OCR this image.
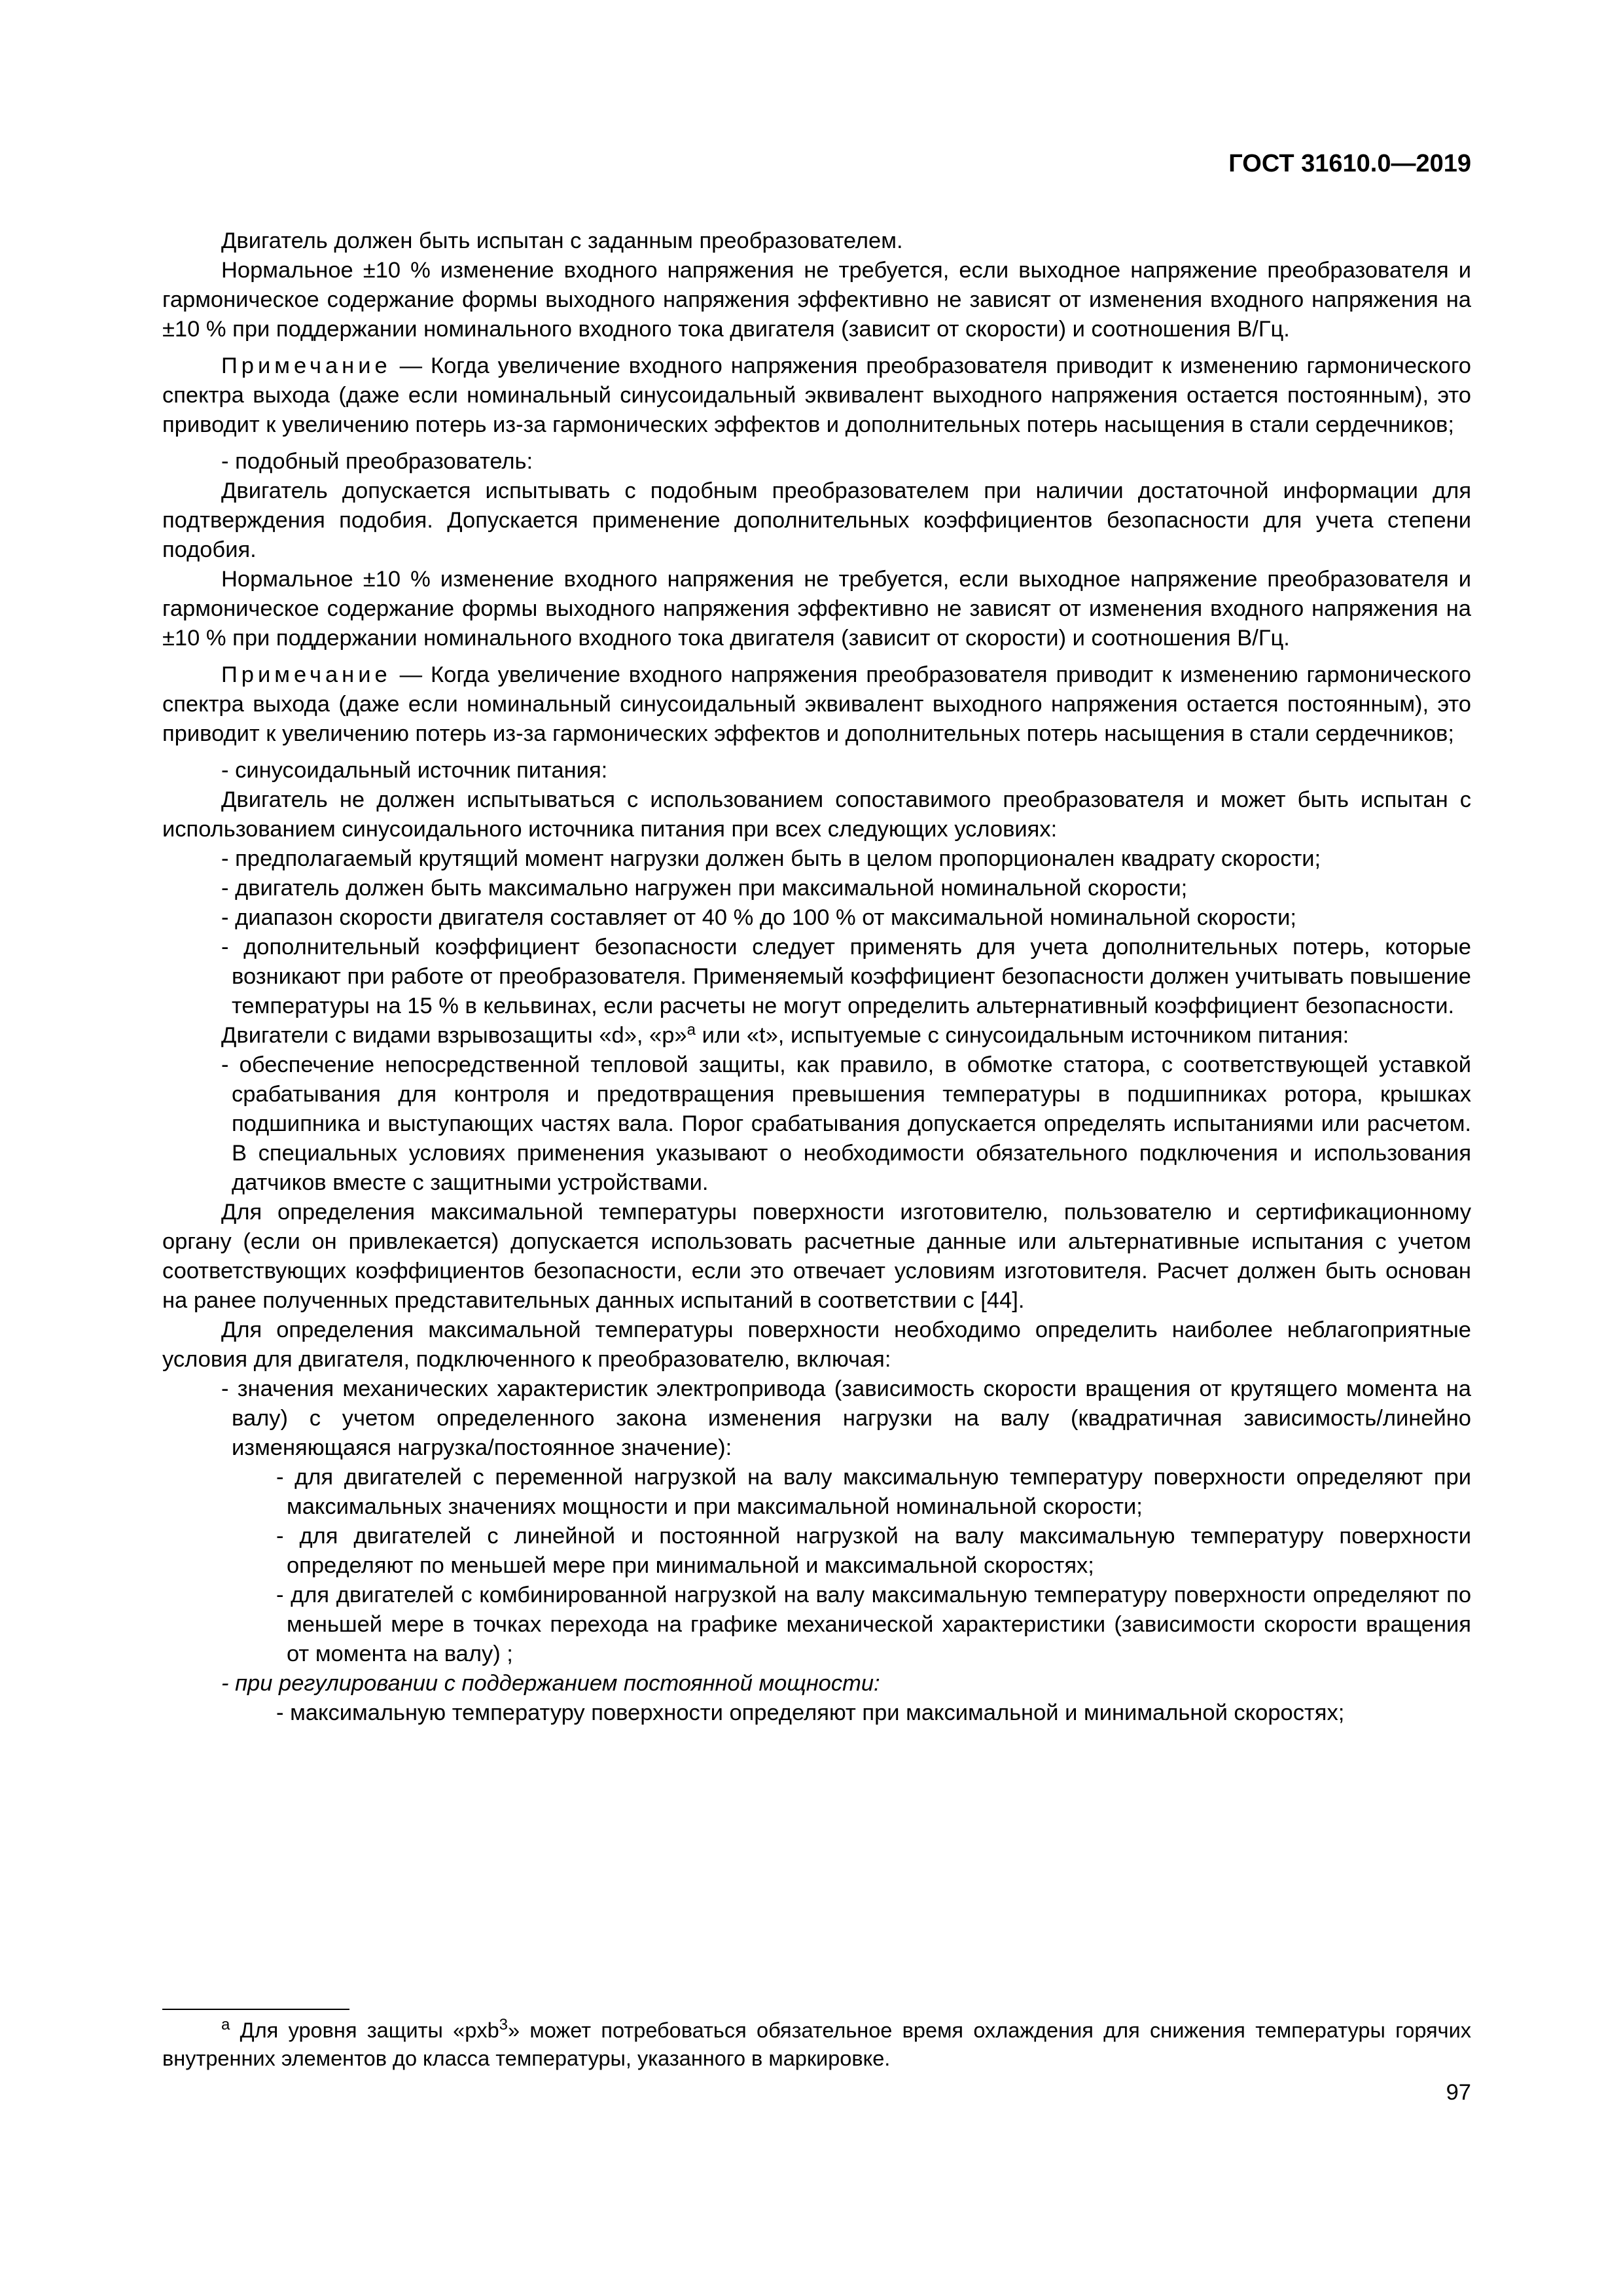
ГОСТ 31610.0—2019

Двигатель должен быть испытан с заданным преобразователем.

Нормальное ±10 % изменение входного напряжения не требуется, если выходное напряжение преобразователя и гармоническое содержание формы выходного напряжения эффективно не зависят от изменения входного напряжения на ±10 % при поддержании номинального входного тока двигателя (зависит от скорости) и соотношения В/Гц.

Примечание — Когда увеличение входного напряжения преобразователя приводит к изменению гармонического спектра выхода (даже если номинальный синусоидальный эквивалент выходного напряжения остается постоянным), это приводит к увеличению потерь из-за гармонических эффектов и дополнительных потерь насыщения в стали сердечников;

- подобный преобразователь:

Двигатель допускается испытывать с подобным преобразователем при наличии достаточной информации для подтверждения подобия. Допускается применение дополнительных коэффициентов безопасности для учета степени подобия.

Нормальное ±10 % изменение входного напряжения не требуется, если выходное напряжение преобразователя и гармоническое содержание формы выходного напряжения эффективно не зависят от изменения входного напряжения на ±10 % при поддержании номинального входного тока двигателя (зависит от скорости) и соотношения В/Гц.

Примечание — Когда увеличение входного напряжения преобразователя приводит к изменению гармонического спектра выхода (даже если номинальный синусоидальный эквивалент выходного напряжения остается постоянным), это приводит к увеличению потерь из-за гармонических эффектов и дополнительных потерь насыщения в стали сердечников;

- синусоидальный источник питания:

Двигатель не должен испытываться с использованием сопоставимого преобразователя и может быть испытан с использованием синусоидального источника питания при всех следующих условиях:

- предполагаемый крутящий момент нагрузки должен быть в целом пропорционален квадрату скорости;

- двигатель должен быть максимально нагружен при максимальной номинальной скорости;

- диапазон скорости двигателя составляет от 40 % до 100 % от максимальной номинальной скорости;

- дополнительный коэффициент безопасности следует применять для учета дополнительных потерь, которые возникают при работе от преобразователя. Применяемый коэффициент безопасности должен учитывать повышение температуры на 15 % в кельвинах, если расчеты не могут определить альтернативный коэффициент безопасности.

Двигатели с видами взрывозащиты «d», «p»$^a$ или «t», испытуемые с синусоидальным источником питания:

- обеспечение непосредственной тепловой защиты, как правило, в обмотке статора, с соответствующей уставкой срабатывания для контроля и предотвращения превышения температуры в подшипниках ротора, крышках подшипника и выступающих частях вала. Порог срабатывания допускается определять испытаниями или расчетом. В специальных условиях применения указывают о необходимости обязательного подключения и использования датчиков вместе с защитными устройствами.

Для определения максимальной температуры поверхности изготовителю, пользователю и сертификационному органу (если он привлекается) допускается использовать расчетные данные или альтернативные испытания с учетом соответствующих коэффициентов безопасности, если это отвечает условиям изготовителя. Расчет должен быть основан на ранее полученных представительных данных испытаний в соответствии с [44].

Для определения максимальной температуры поверхности необходимо определить наиболее неблагоприятные условия для двигателя, подключенного к преобразователю, включая:

- значения механических характеристик электропривода (зависимость скорости вращения от крутящего момента на валу) с учетом определенного закона изменения нагрузки на валу (квадратичная зависимость/линейно изменяющаяся нагрузка/постоянное значение):

- для двигателей с переменной нагрузкой на валу максимальную температуру поверхности определяют при максимальных значениях мощности и при максимальной номинальной скорости;

- для двигателей с линейной и постоянной нагрузкой на валу максимальную температуру поверхности определяют по меньшей мере при минимальной и максимальной скоростях;

- для двигателей с комбинированной нагрузкой на валу максимальную температуру поверхности определяют по меньшей мере в точках перехода на графике механической характеристики (зависимости скорости вращения от момента на валу) ;

- при регулировании с поддержанием постоянной мощности:

- максимальную температуру поверхности определяют при максимальной и минимальной скоростях;

$^a$ Для уровня защиты «pxb$^3$» может потребоваться обязательное время охлаждения для снижения температуры горячих внутренних элементов до класса температуры, указанного в маркировке.

97
